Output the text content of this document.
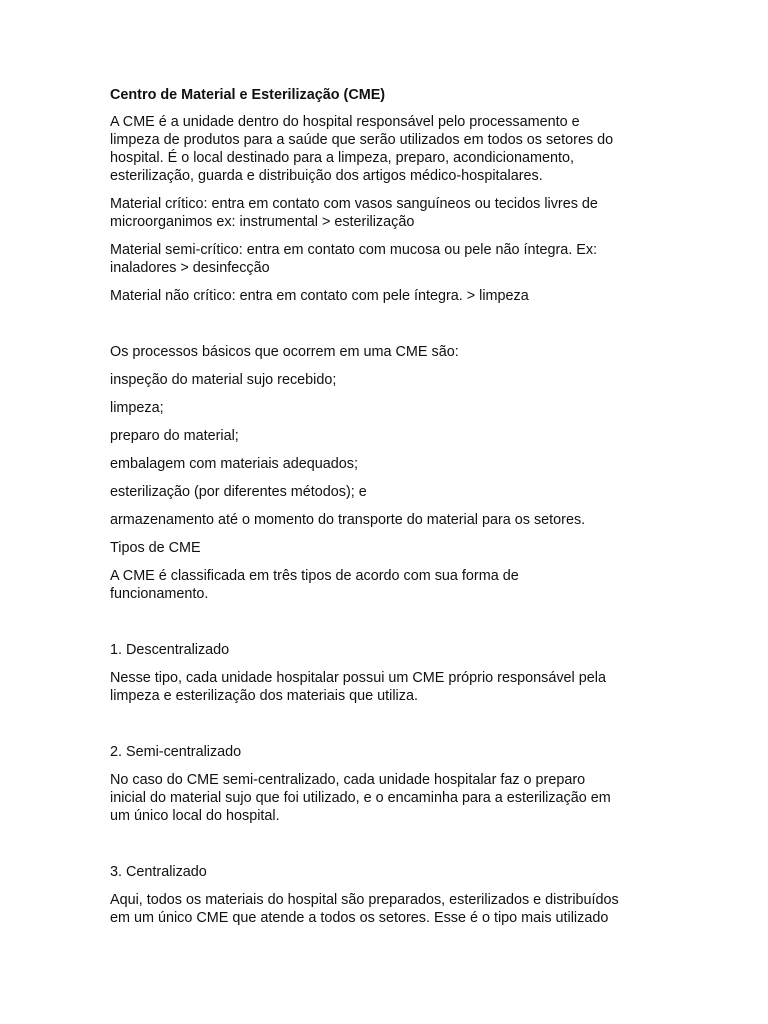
Centro de Material e Esterilização (CME)

A CME é a unidade dentro do hospital responsável pelo processamento e

limpeza de produtos para a saúde que serão utilizados em todos os setores do

hospital. É o local destinado para a limpeza, preparo, acondicionamento,

esterilização, guarda e distribuição dos artigos médico-hospitalares.

Material crítico: entra em contato com vasos sanguíneos ou tecidos livres de

microorganimos ex: instrumental > esterilização

Material semi-crítico: entra em contato com mucosa ou pele não íntegra. Ex:

inaladores > desinfecção

Material não crítico: entra em contato com pele íntegra. > limpeza

Os processos básicos que ocorrem em uma CME são:

inspeção do material sujo recebido;

limpeza;

preparo do material;

embalagem com materiais adequados;

esterilização (por diferentes métodos); e

armazenamento até o momento do transporte do material para os setores.

Tipos de CME

A CME é classificada em três tipos de acordo com sua forma de

funcionamento.

1. Descentralizado

Nesse tipo, cada unidade hospitalar possui um CME próprio responsável pela

limpeza e esterilização dos materiais que utiliza.

2. Semi-centralizado

No caso do CME semi-centralizado, cada unidade hospitalar faz o preparo

inicial do material sujo que foi utilizado, e o encaminha para a esterilização em

um único local do hospital.

3. Centralizado

Aqui, todos os materiais do hospital são preparados, esterilizados e distribuídos

em um único CME que atende a todos os setores. Esse é o tipo mais utilizado
